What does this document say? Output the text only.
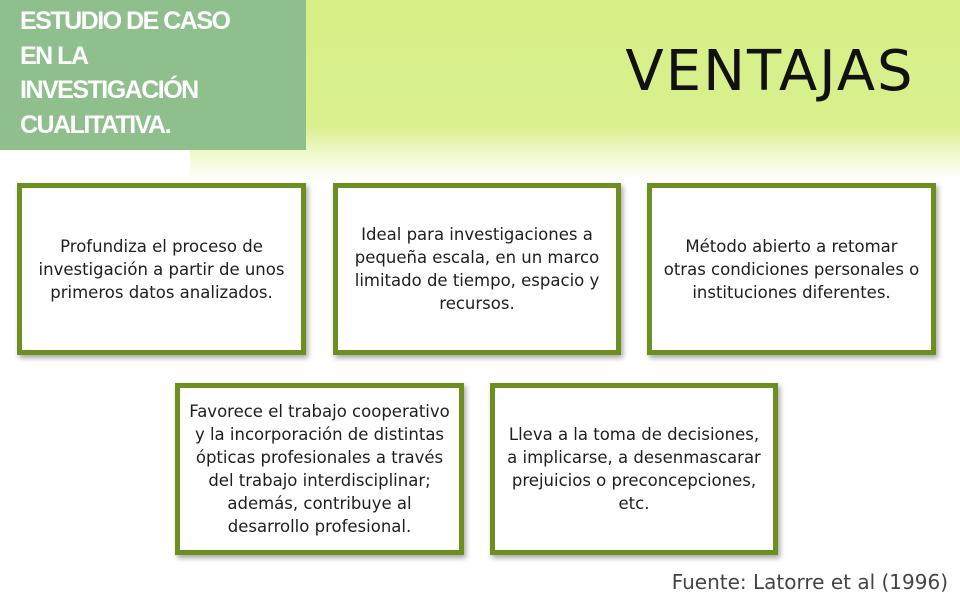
ESTUDIO DE CASO
EN LA
INVESTIGACIÓN
CUALITATIVA.
VENTAJAS

Profundiza el proceso de investigación a partir de unos primeros datos analizados.

Ideal para investigaciones a pequeña escala, en un marco limitado de tiempo, espacio y recursos.

Método abierto a retomar otras condiciones personales o instituciones diferentes.

Favorece el trabajo cooperativo y la incorporación de distintas ópticas profesionales a través del trabajo interdisciplinar; además, contribuye al desarrollo profesional.

Lleva a la toma de decisiones, a implicarse, a desenmascarar prejuicios o preconcepciones, etc.

Fuente: Latorre et al (1996)
